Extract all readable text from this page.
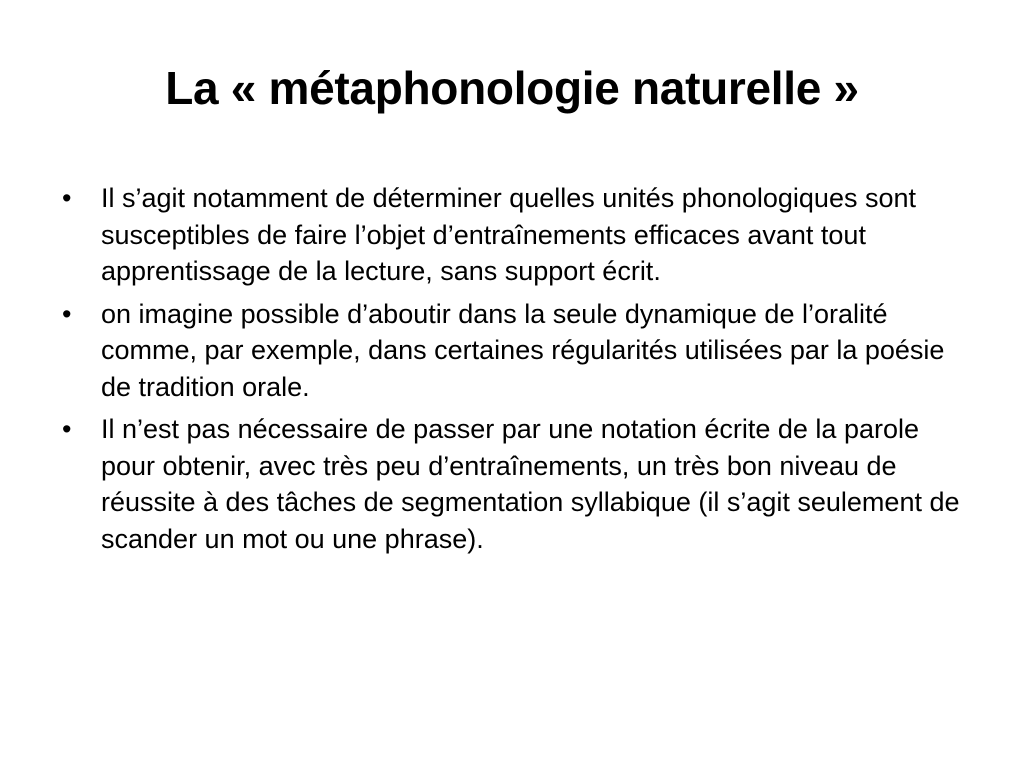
La « métaphonologie naturelle »
• Il s’agit notamment de déterminer quelles unités phonologiques sont susceptibles de faire l’objet d’entraînements efficaces avant tout apprentissage de la lecture, sans support écrit.
• on imagine possible d’aboutir dans la seule dynamique de l’oralité comme, par exemple, dans certaines régularités utilisées par la poésie de tradition orale.
• Il n’est pas nécessaire de passer par une notation écrite de la parole pour obtenir, avec très peu d’entraînements, un très bon niveau de réussite à des tâches de segmentation syllabique (il s’agit seulement de scander un mot ou une phrase).
